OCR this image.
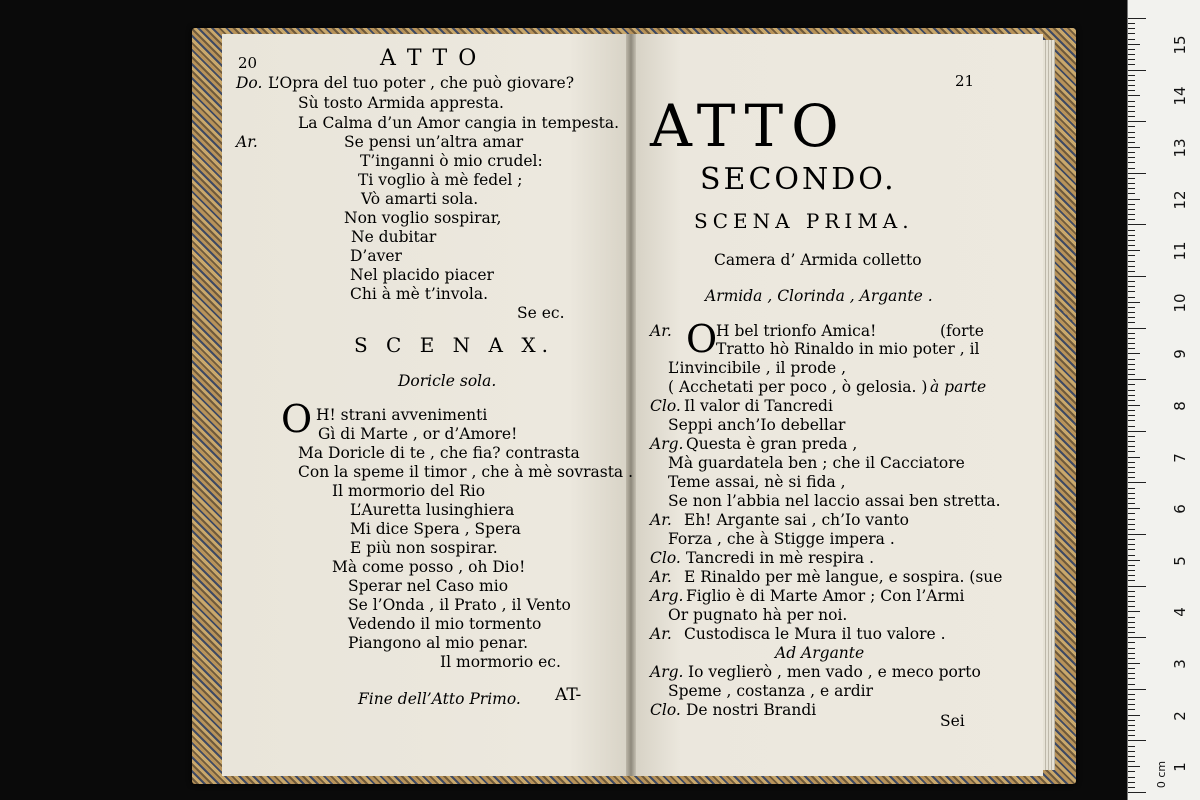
20	A T T O
Do. L’Opra del tuo poter , che può giovare?
Sù tosto Armida appresta.
La Calma d’un Amor cangia in tempesta.
Ar.	Se pensi un’altra amar
T’inganni ò mio crudel:
Ti voglio à mè fedel ;
Vò amarti sola.
Non voglio sospirar,
Ne dubitar
D’aver
Nel placido piacer
Chi à mè t’invola.
Se ec.
S C E N A X.
Doricle sola.
O H! strani avvenimenti
Gì di Marte , or d’Amore!
Ma Doricle di te , che fia? contrasta
Con la speme il timor , che à mè sovrasta .
Il mormorio del Rio
L’Auretta lusinghiera
Mi dice Spera , Spera
E più non sospirar.
Mà come posso , oh Dio!
Sperar nel Caso mio
Se l’Onda , il Prato , il Vento
Vedendo il mio tormento
Piangono al mio penar.
Il mormorio ec.
Fine dell’Atto Primo. AT-
21
ATTO
SECONDO.
SCENA PRIMA.
Camera d’ Armida colletto
Armida , Clorinda , Argante .
O
Ar.	H bel trionfo Amica!	(forte
Tratto hò Rinaldo in mio poter , il
L’invincibile , il prode ,
( Acchetati per poco , ò gelosia. ) à parte
Clo. Il valor di Tancredi
Seppi anch’Io debellar
Arg. Questa è gran preda ,
Mà guardatela ben ; che il Cacciatore
Teme assai, nè si fida ,
Se non l’abbia nel laccio assai ben stretta.
Ar. Eh! Argante sai , ch’Io vanto
Forza , che à Stigge impera .
Clo. Tancredi in mè respira .
Ar. E Rinaldo per mè langue, e sospira. (sue
Arg. Figlio è di Marte Amor ; Con l’Armi
Or pugnato hà per noi.
Ar. Custodisca le Mura il tuo valore .
Ad Argante
Arg. Io veglierò , men vado , e meco porto
Speme , costanza , e ardir
Clo. De nostri Brandi
Sei
15
14
13
12
11
10
9
8
7
6
5
4
3
2
1
0 cm
